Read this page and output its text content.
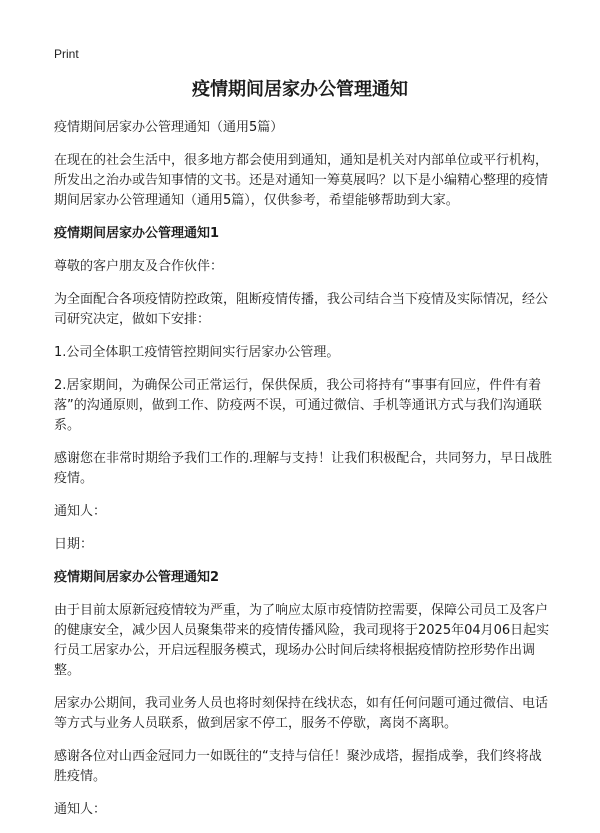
Print
疫情期间居家办公管理通知

疫情期间居家办公管理通知（通用5篇）

在现在的社会生活中，很多地方都会使用到通知，通知是机关对内部单位或平行机构，所发出之治办或告知事情的文书。还是对通知一筹莫展吗？以下是小编精心整理的疫情期间居家办公管理通知（通用5篇），仅供参考，希望能够帮助到大家。

疫情期间居家办公管理通知1

尊敬的客户朋友及合作伙伴：

为全面配合各项疫情防控政策，阻断疫情传播，我公司结合当下疫情及实际情况，经公司研究决定，做如下安排：

1.公司全体职工疫情管控期间实行居家办公管理。

2.居家期间，为确保公司正常运行，保供保质，我公司将持有“事事有回应，件件有着落”的沟通原则，做到工作、防疫两不误，可通过微信、手机等通讯方式与我们沟通联系。

感谢您在非常时期给予我们工作的.理解与支持！让我们积极配合，共同努力，早日战胜疫情。

通知人：

日期：

疫情期间居家办公管理通知2

由于目前太原新冠疫情较为严重，为了响应太原市疫情防控需要，保障公司员工及客户的健康安全，减少因人员聚集带来的疫情传播风险，我司现将于2025年04月06日起实行员工居家办公，开启远程服务模式，现场办公时间后续将根据疫情防控形势作出调整。

居家办公期间，我司业务人员也将时刻保持在线状态，如有任何问题可通过微信、电话等方式与业务人员联系，做到居家不停工，服务不停歇，离岗不离职。

感谢各位对山西金冠同力一如既往的“支持与信任！聚沙成塔，握指成拳，我们终将战胜疫情。

通知人：
